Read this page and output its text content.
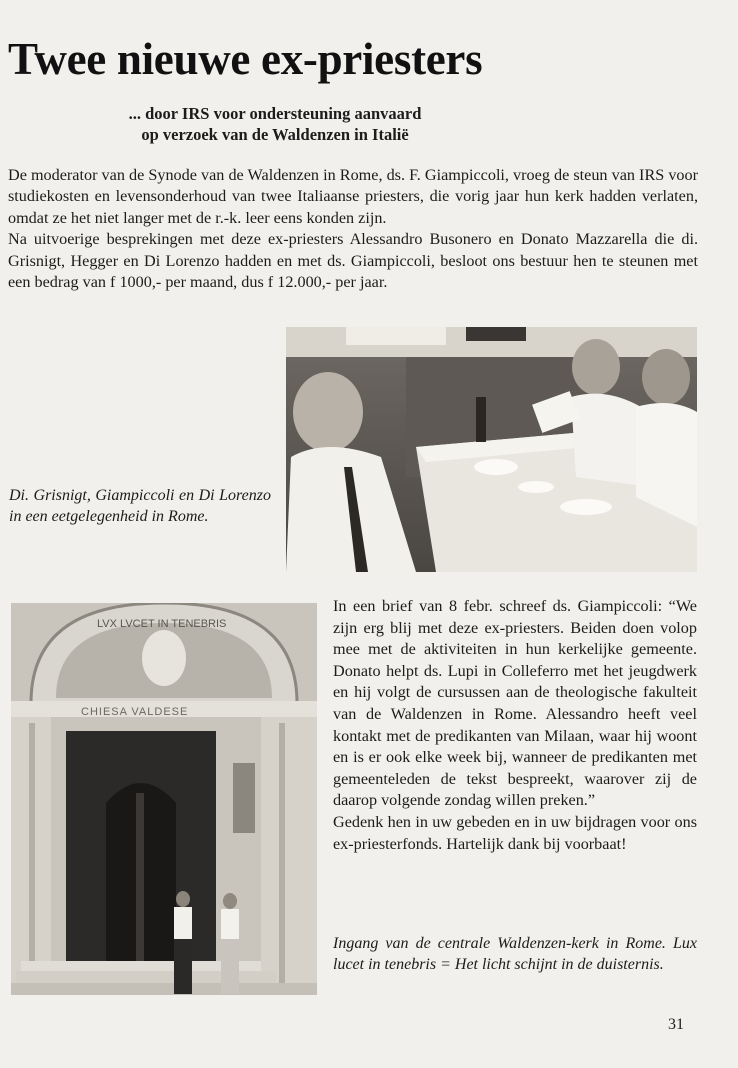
Twee nieuwe ex-priesters
... door IRS voor ondersteuning aanvaard
op verzoek van de Waldenzen in Italië

De moderator van de Synode van de Waldenzen in Rome, ds. F. Giampiccoli, vroeg de steun van IRS voor studiekosten en levensonderhoud van twee Italiaanse priesters, die vorig jaar hun kerk hadden verlaten, omdat ze het niet langer met de r.-k. leer eens konden zijn.

Na uitvoerige besprekingen met deze ex-priesters Alessandro Busonero en Donato Mazzarella die di. Grisnigt, Hegger en Di Lorenzo hadden en met ds. Giampiccoli, besloot ons bestuur hen te steunen met een bedrag van f 1000,- per maand, dus f 12.000,- per jaar.

Di. Grisnigt, Giampiccoli en Di Lorenzo in een eetgelegenheid in Rome.
LVX LVCET IN TENEBRIS
CHIESA VALDESE

In een brief van 8 febr. schreef ds. Giampiccoli: “We zijn erg blij met deze ex-priesters. Beiden doen volop mee met de aktiviteiten in hun kerkelijke gemeente. Donato helpt ds. Lupi in Colleferro met het jeugdwerk en hij volgt de cursussen aan de theologische fakulteit van de Waldenzen in Rome. Alessandro heeft veel kontakt met de predikanten van Milaan, waar hij woont en is er ook elke week bij, wanneer de predikanten met gemeenteleden de tekst bespreekt, waarover zij de daarop volgende zondag willen preken.”

Gedenk hen in uw gebeden en in uw bijdragen voor ons ex-priesterfonds. Hartelijk dank bij voorbaat!

Ingang van de centrale Waldenzen-kerk in Rome. Lux lucet in tenebris = Het licht schijnt in de duisternis.
31
